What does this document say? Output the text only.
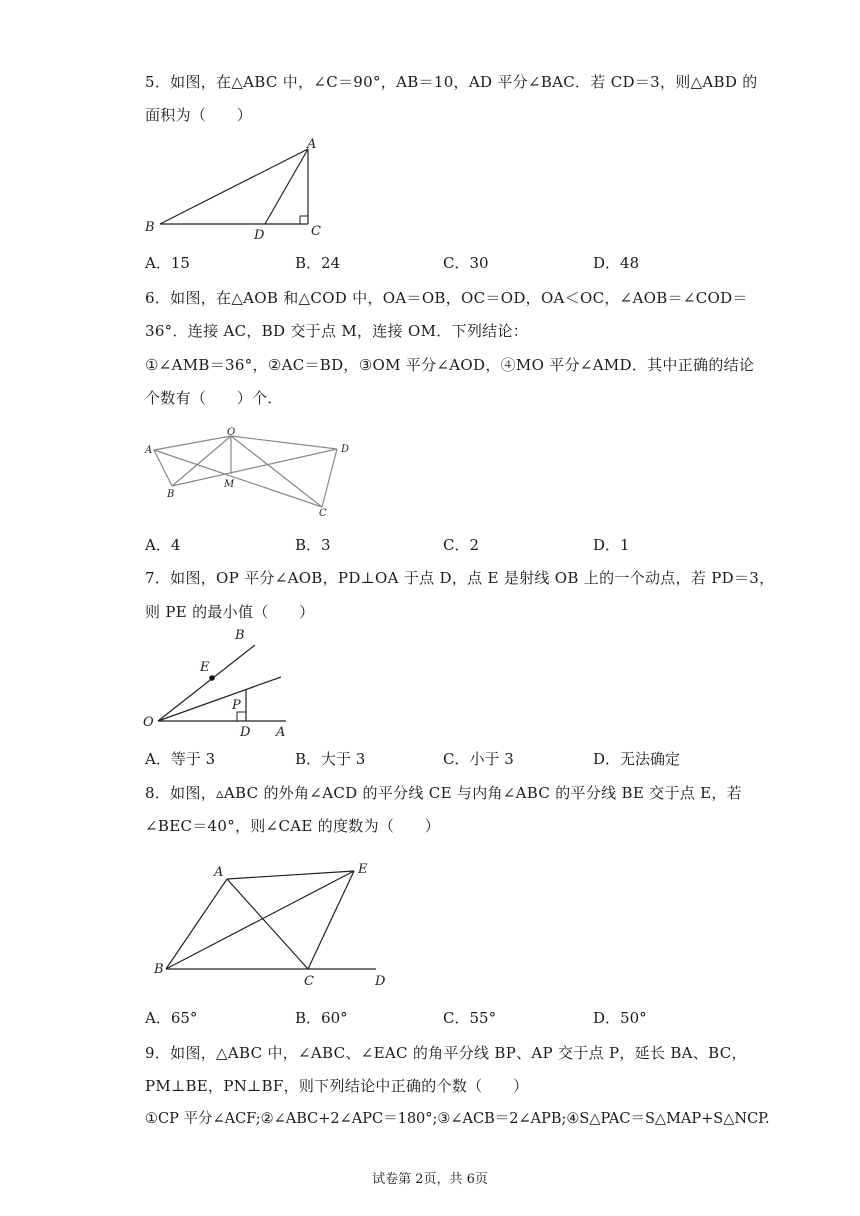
5．如图，在△ABC 中，∠C＝90°，AB＝10，AD 平分∠BAC．若 CD＝3，则△ABD 的
面积为（　　）
A
B	C
D
A．15	B．24	C．30	D．48
6．如图，在△AOB 和△COD 中，OA＝OB，OC＝OD，OA＜OC，∠AOB＝∠COD＝
36°．连接 AC，BD 交于点 M，连接 OM．下列结论：
①∠AMB＝36°，②AC＝BD，③OM 平分∠AOD，④MO 平分∠AMD．其中正确的结论
个数有（　　）个．
A
O
D
B
M
C
A．4	B．3	C．2	D．1
7．如图，OP 平分∠AOB，PD⊥OA 于点 D，点 E 是射线 OB 上的一个动点，若 PD＝3，
则 PE 的最小值（　　）
B
E
P
O
D A
A．等于 3	B．大于 3	C．小于 3	D．无法确定
8．如图，▵ABC 的外角∠ACD 的平分线 CE 与内角∠ABC 的平分线 BE 交于点 E，若
∠BEC＝40°，则∠CAE 的度数为（　　）
A	E
B
C	D
A．65°	B．60°	C．55°	D．50°
9．如图，△ABC 中，∠ABC、∠EAC 的角平分线 BP、AP 交于点 P，延长 BA、BC，
PM⊥BE，PN⊥BF，则下列结论中正确的个数（　　）
①CP 平分∠ACF;②∠ABC+2∠APC＝180°;③∠ACB＝2∠APB;④S△PAC＝S△MAP+S△NCP.
试卷第 2页，共 6页
